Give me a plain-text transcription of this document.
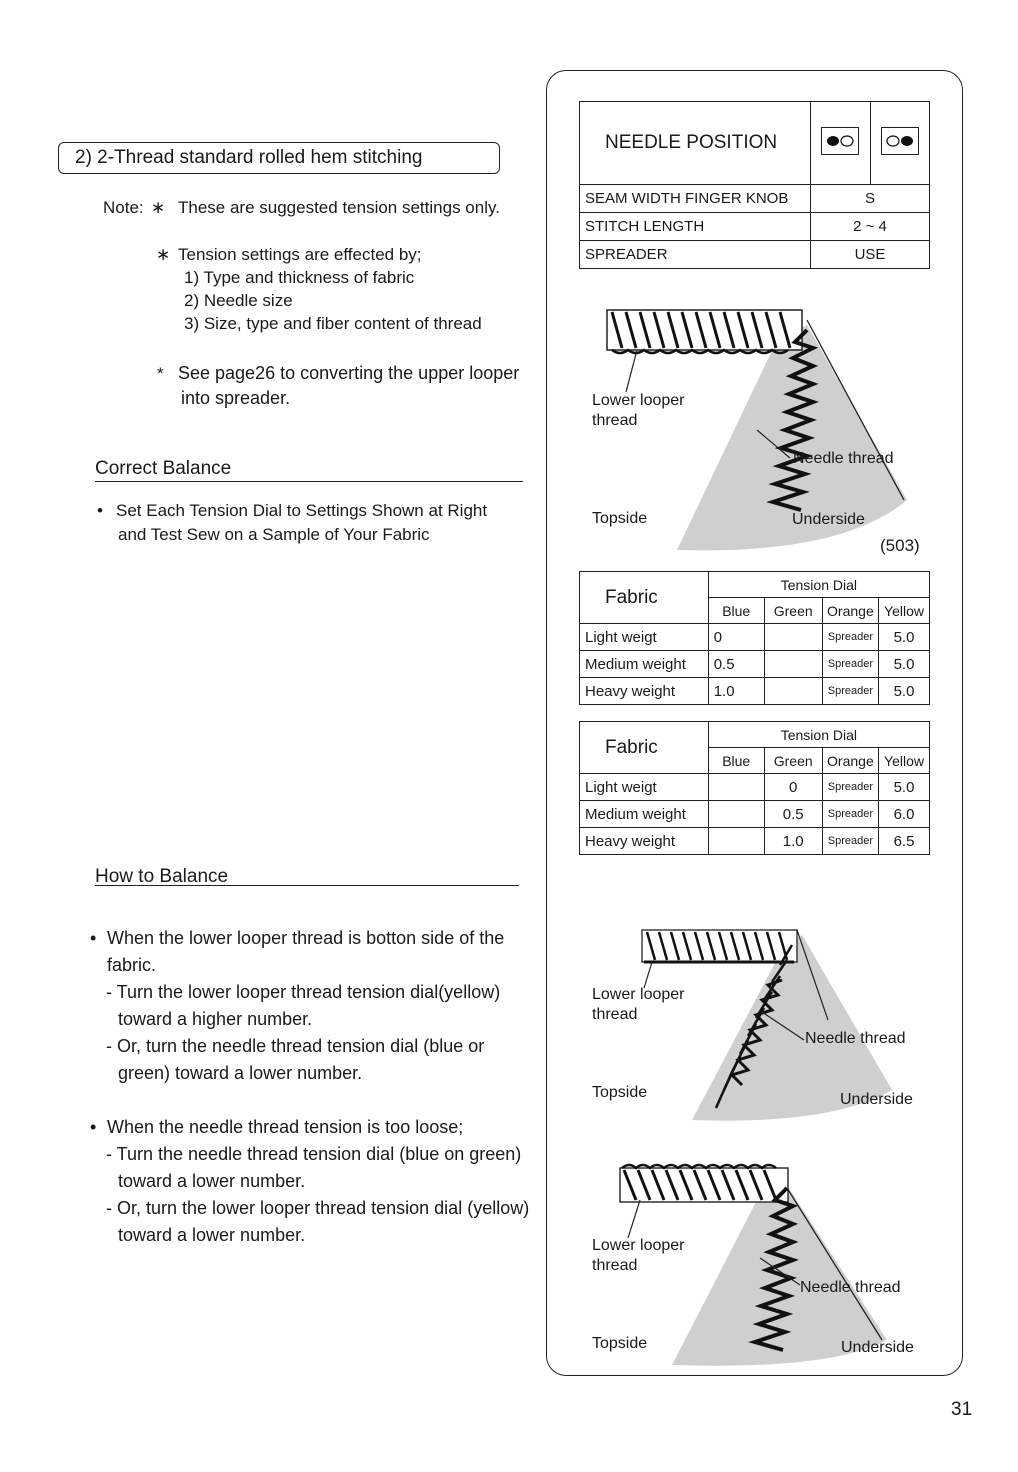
2) 2-Thread standard rolled hem stitching
Note: ∗ These are suggested tension settings only.
∗ Tension settings are effected by;
1) Type and thickness of fabric
2) Needle size
3) Size, type and fiber content of thread
* See page26 to converting the upper looper
into spreader.
Correct Balance
• Set Each Tension Dial to Settings Shown at Right
and Test Sew on a Sample of Your Fabric
How to Balance
• When the lower looper thread is botton side of the
fabric.
- Turn the lower looper thread tension dial(yellow)
toward a higher number.
- Or, turn the needle thread tension dial (blue or
green) toward a lower number.
• When the needle thread tension is too loose;
- Turn the needle thread tension dial (blue on green)
toward a lower number.
- Or, turn the lower looper thread tension dial (yellow)
toward a lower number.
NEEDLE POSITION	

SEAM WIDTH FINGER KNOB	S	
STITCH LENGTH	2 ~ 4	
SPREADER	USE	
Lower looper
thread
Needle thread
Topside	Underside
(503)
Fabric	Tension Dial			
	Blue	Green	Orange	Yellow
Light weigt	0		Spreader	5.0
Medium weight	0.5		Spreader	5.0
Heavy weight	1.0		Spreader	5.0
Fabric	Tension Dial			
	Blue	Green	Orange	Yellow
Light weigt		0	Spreader	5.0
Medium weight		0.5	Spreader	6.0
Heavy weight		1.0	Spreader	6.5
Lower looper
thread
Needle thread
Topside	Underside
Lower looper
thread
Needle thread
Topside	Underside
31
